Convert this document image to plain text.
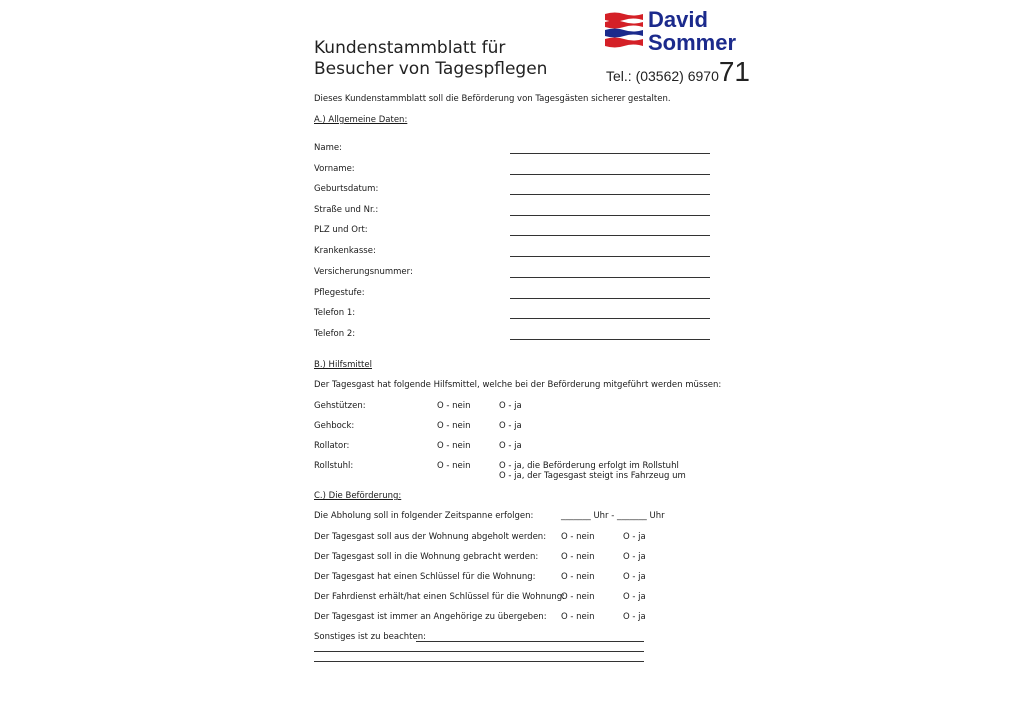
Kundenstammblatt für
Besucher von Tagespflegen
David
Sommer
Tel.: (03562) 697071
Dieses Kundenstammblatt soll die Beförderung von Tagesgästen sicherer gestalten.
A.) Allgemeine Daten:
Name:
Vorname:
Geburtsdatum:
Straße und Nr.:
PLZ und Ort:
Krankenkasse:
Versicherungsnummer:
Pflegestufe:
Telefon 1:
Telefon 2:
B.) Hilfsmittel
Der Tagesgast hat folgende Hilfsmittel, welche bei der Beförderung mitgeführt werden müssen:
Gehstützen:	O - nein	O - ja
Gehbock:	O - nein	O - ja
Rollator:	O - nein	O - ja
Rollstuhl:	O - nein	O - ja, die Beförderung erfolgt im Rollstuhl
O - ja, der Tagesgast steigt ins Fahrzeug um
C.) Die Beförderung:
Die Abholung soll in folgender Zeitspanne erfolgen:	_______ Uhr - _______ Uhr
Der Tagesgast soll aus der Wohnung abgeholt werden: O - nein	O - ja
Der Tagesgast soll in die Wohnung gebracht werden:	O - nein	O - ja
Der Tagesgast hat einen Schlüssel für die Wohnung:	O - nein	O - ja
Der Fahrdienst erhält/hat einen Schlüssel für die Wohnung:
O - nein	O - ja
Der Tagesgast ist immer an Angehörige zu übergeben: O - nein	O - ja
Sonstiges ist zu beachten:
